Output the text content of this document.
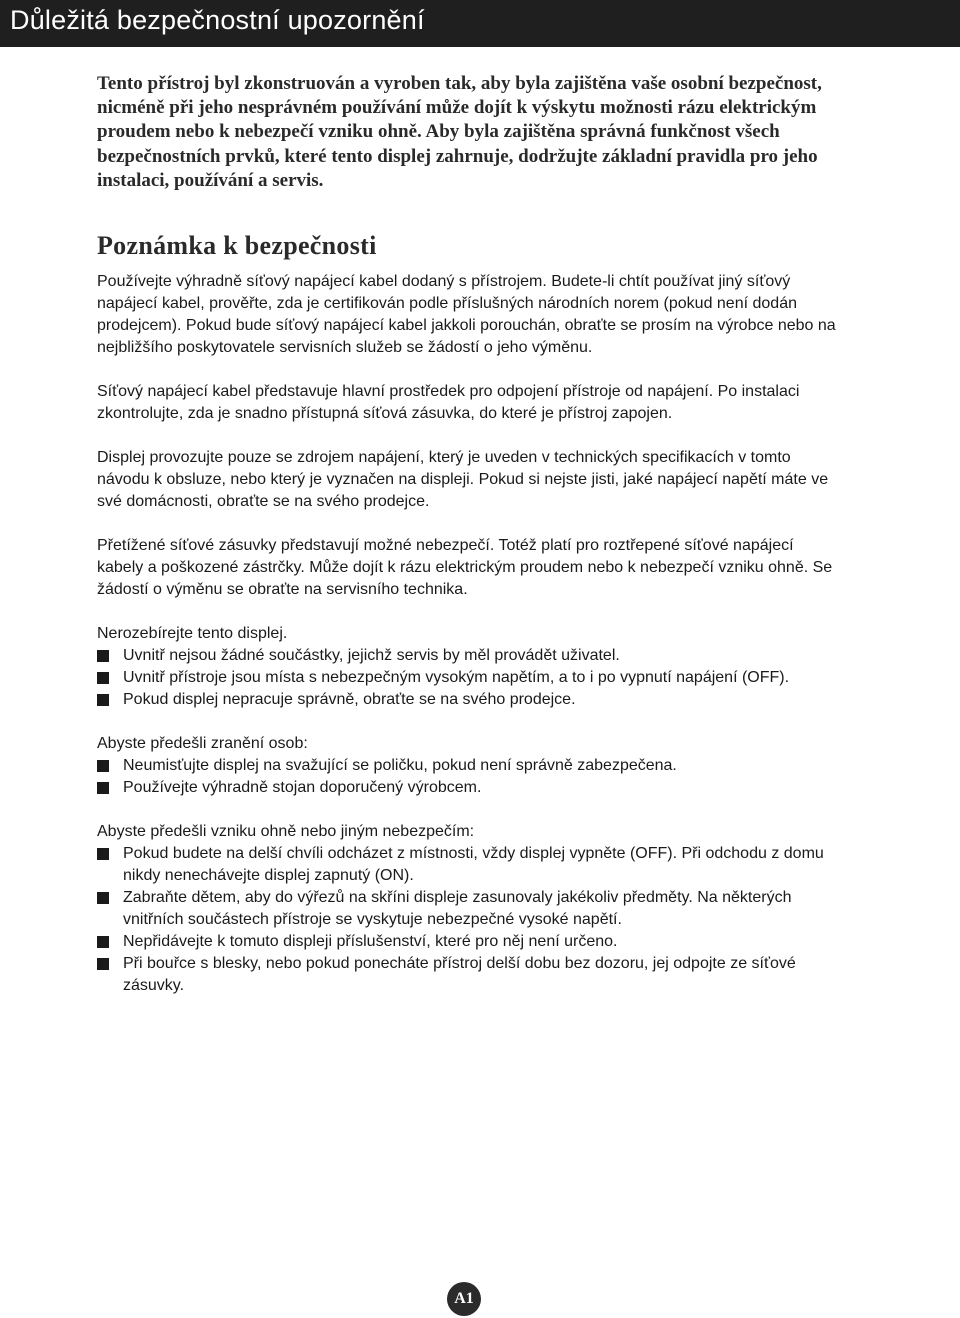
Důležitá bezpečnostní upozornění

Tento přístroj byl zkonstruován a vyroben tak, aby byla zajištěna vaše osobní bezpečnost, nicméně při jeho nesprávném používání může dojít k výskytu možnosti rázu elektrickým proudem nebo k nebezpečí vzniku ohně. Aby byla zajištěna správná funkčnost všech bezpečnostních prvků, které tento displej zahrnuje, dodržujte základní pravidla pro jeho instalaci, používání a servis.

Poznámka k bezpečnosti

Používejte výhradně síťový napájecí kabel dodaný s přístrojem. Budete-li chtít používat jiný síťový napájecí kabel, prověřte, zda je certifikován podle příslušných národních norem (pokud není dodán prodejcem). Pokud bude síťový napájecí kabel jakkoli porouchán, obraťte se prosím na výrobce nebo na nejbližšího poskytovatele servisních služeb se žádostí o jeho výměnu.

Síťový napájecí kabel představuje hlavní prostředek pro odpojení přístroje od napájení. Po instalaci zkontrolujte, zda je snadno přístupná síťová zásuvka, do které je přístroj zapojen.

Displej provozujte pouze se zdrojem napájení, který je uveden v technických specifikacích v tomto návodu k obsluze, nebo který je vyznačen na displeji. Pokud si nejste jisti, jaké napájecí napětí máte ve své domácnosti, obraťte se na svého prodejce.

Přetížené síťové zásuvky představují možné nebezpečí. Totéž platí pro roztřepené síťové napájecí kabely a poškozené zástrčky. Může dojít k rázu elektrickým proudem nebo k nebezpečí vzniku ohně. Se žádostí o výměnu se obraťte na servisního technika.

Nerozebírejte tento displej.

Uvnitř nejsou žádné součástky, jejichž servis by měl provádět uživatel.
Uvnitř přístroje jsou místa s nebezpečným vysokým napětím, a to i po vypnutí napájení (OFF).
Pokud displej nepracuje správně, obraťte se na svého prodejce.

Abyste předešli zranění osob:

Neumisťujte displej na svažující se poličku, pokud není správně zabezpečena.
Používejte výhradně stojan doporučený výrobcem.

Abyste předešli vzniku ohně nebo jiným nebezpečím:

Pokud budete na delší chvíli odcházet z místnosti, vždy displej vypněte (OFF). Při odchodu z domu nikdy nenechávejte displej zapnutý (ON).
Zabraňte dětem, aby do výřezů na skříni displeje zasunovaly jakékoliv předměty. Na některých vnitřních součástech přístroje se vyskytuje nebezpečné vysoké napětí.
Nepřidávejte k tomuto displeji příslušenství, které pro něj není určeno.
Při bouřce s blesky, nebo pokud ponecháte přístroj delší dobu bez dozoru, jej odpojte ze síťové zásuvky.
A1
